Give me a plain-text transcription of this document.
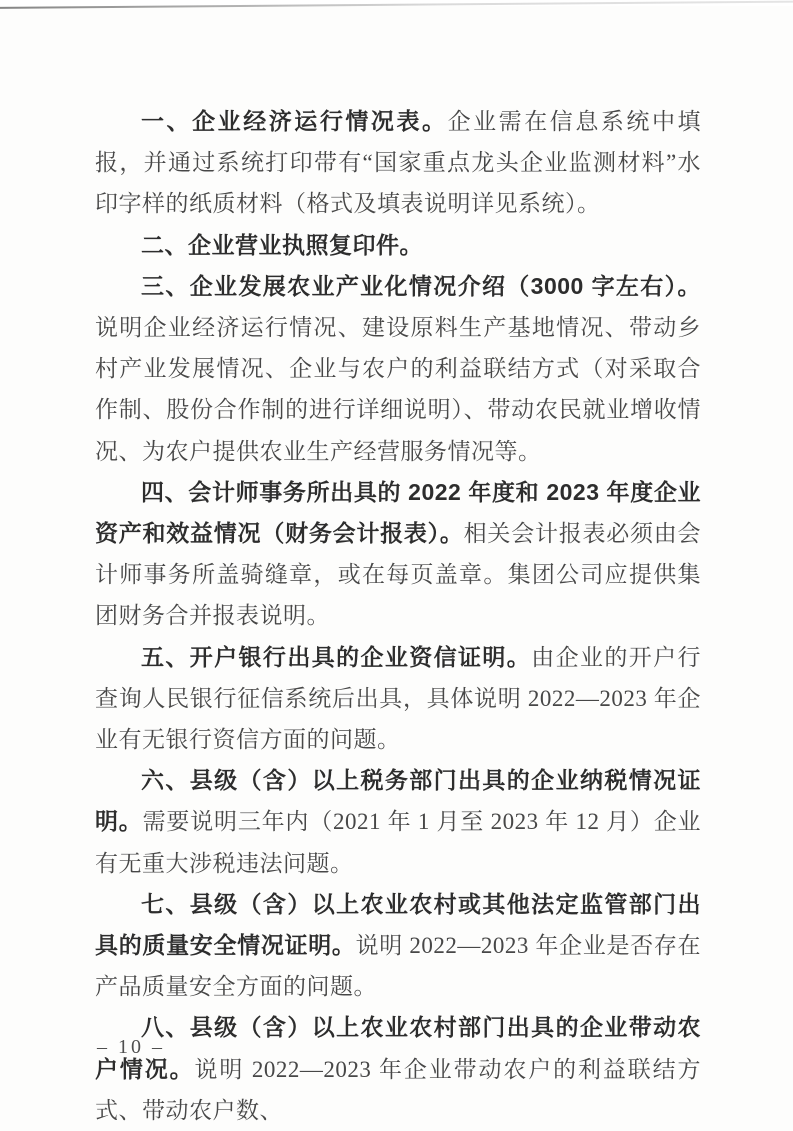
一、企业经济运行情况表。企业需在信息系统中填报，并通过系统打印带有“国家重点龙头企业监测材料”水印字样的纸质材料（格式及填表说明详见系统）。

二、企业营业执照复印件。

三、企业发展农业产业化情况介绍（3000 字左右）。说明企业经济运行情况、建设原料生产基地情况、带动乡村产业发展情况、企业与农户的利益联结方式（对采取合作制、股份合作制的进行详细说明）、带动农民就业增收情况、为农户提供农业生产经营服务情况等。

四、会计师事务所出具的 2022 年度和 2023 年度企业资产和效益情况（财务会计报表）。相关会计报表必须由会计师事务所盖骑缝章，或在每页盖章。集团公司应提供集团财务合并报表说明。

五、开户银行出具的企业资信证明。由企业的开户行查询人民银行征信系统后出具，具体说明 2022—2023 年企业有无银行资信方面的问题。

六、县级（含）以上税务部门出具的企业纳税情况证明。需要说明三年内（2021 年 1 月至 2023 年 12 月）企业有无重大涉税违法问题。

七、县级（含）以上农业农村或其他法定监管部门出具的质量安全情况证明。说明 2022—2023 年企业是否存在产品质量安全方面的问题。

八、县级（含）以上农业农村部门出具的企业带动农户情况。说明 2022—2023 年企业带动农户的利益联结方式、带动农户数、

– 10 –
